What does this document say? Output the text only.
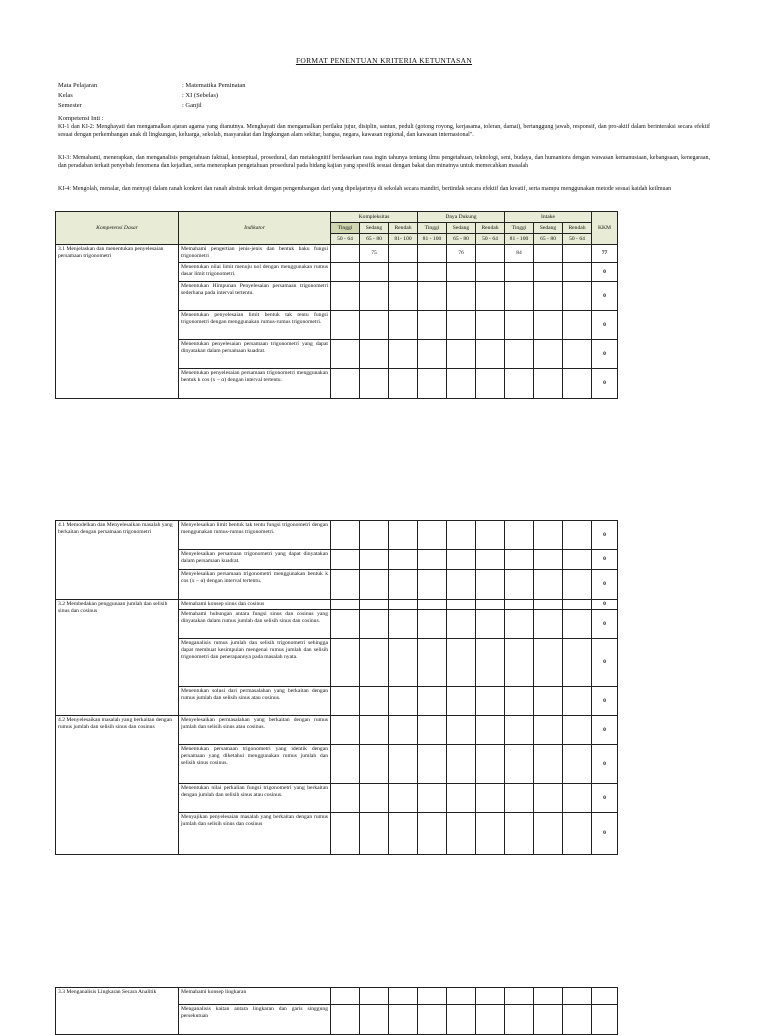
FORMAT PENENTUAN KRITERIA KETUNTASAN
Mata Pelajaran	: Matematika Peminatan
Kelas	: XI (Sebelas)
Semester	: Ganjil
Kompetensi Inti :
KI-1 dan KI-2: Menghayati dan mengamalkan ajaran agama yang dianutnya. Menghayati dan mengamalkan perilaku jujur, disiplin, santun, peduli (gotong royong, kerjasama, toleran, damai), bertanggung jawab, responsif, dan pro-aktif dalam berinteraksi secara efektif sesuai dengan perkembangan anak di lingkungan, keluarga, sekolah, masyarakat dan lingkungan alam sekitar, bangsa, negara, kawasan regional, dan kawasan internasional".
KI-3: Memahami, menerapkan, dan menganalisis pengetahuan faktual, konseptual, prosedural, dan metakognitif berdasarkan rasa ingin tahunya tentang ilmu pengetahuan, teknologi, seni, budaya, dan humaniora dengan wawasan kemanusiaan, kebangsaan, kenegaraan, dan peradaban terkait penyebab fenomena dan kejadian, serta menerapkan pengetahuan prosedural pada bidang kajian yang spesifik sesuai dengan bakat dan minatnya untuk memecahkan masalah
KI-4: Mengolah, menalar, dan menyaji dalam ranah konkret dan ranah abstrak terkait dengan pengembangan dari yang dipelajarinya di sekolah secara mandiri, bertindak secara efektif dan kreatif, serta mampu menggunakan metode sesuai kaidah keilmuan
Kompetensi Dasar	Indikator	Kompleksitas			Daya Dukung			Intake			KKM
		Tinggi	Sedang	Rendah	Tinggi	Sedang	Rendah	Tinggi	Sedang	Rendah	
		50 - 64	65 - 80	81- 100	81 - 100	65 - 80	50 - 64	81 - 100	65 - 80	50 - 64	
3.1 Menjelaskan dan menentukan penyelesaian persamaan trigonometri	Memahami pengertian jenis-jenis dan bentuk baku fungsi trigonometri		75			76		84			77
	Menentukan nilai limit menuju nol dengan menggunakan rumus dasar limit trigonometri.										0
	Menentukan Himpunan Penyelesaian persamaan trigonometri sederhana pada interval tertentu.										0
	Menentukan penyelesaian limit bentuk tak tentu fungsi trigonometri dengan menggunakan rumus-rumus trigonometri.										0
	Menentukan penyelesaian persamaan trigonometri yang dapat dinyatakan dalam persamaan kuadrat.										0
	Menentukan penyelesaian persamaan trigonometri menggunakan bentuk k cos (x − α) dengan interval tertentu.										0
4.1 Memodelkan dan Menyelesaikan masalah yang berkaitan dengan persamaan trigonometri	Menyelesaikan limit bentuk tak tentu fungsi trigonometri dengan menggunakan rumus-rumus trigonometri.										0
	Menyelesaikan persamaan trigonometri yang dapat dinyatakan dalam persamaan kuadrat.										0
	Menyelesaikan persamaan trigonometri menggunakan bentuk k cos (x − α) dengan interval tertentu.										0
3.2 Membedakan penggunaan jumlah dan selisih sinus dan cosinus	Memahami konsep sinus dan cosinus										0
	Memahami hubungan antara fungsi sinus dan cosinus yang dinyatakan dalam rumus jumlah dan selisih sinus dan cosinus.										0
	Menganalisis rumus jumlah dan selisih trigonometri sehingga dapat membuat kesimpulan mengenai rumus jumlah dan selisih trigonometri dan penerapannya pada masalah nyata.										0
	Menentukan solusi dari permasalahan yang berkaitan dengan rumus jumlah dan selisih sinus atau cosinus.										0
4.2 Menyelesaikan masalah yang berkaitan dengan rumus jumlah dan selisih sinus dan cosinus	Menyelesaikan permasalahan yang berkaitan dengan rumus jumlah dan selisih sinus atau cosinus.										0
	Menentukan persamaan trigonometri yang identik dengan persamaan yang diketahui menggunakan rumus jumlah dan selisih sinus cosinus.										0
	Menentukan nilai perkalian fungsi trigonometri yang berkaitan dengan jumlah dan selisih sinus atau cosinus.										0
	Menyajikan penyelesaian masalah yang berkaitan dengan rumus jumlah dan selisih sinus dan cosinus										0
3.3 Menganalisis Lingkaran Secara Analitik	Memahami konsep lingkaran										
	Menganalisis kaitan antara lingkaran dan garis singgung persekutuan										
